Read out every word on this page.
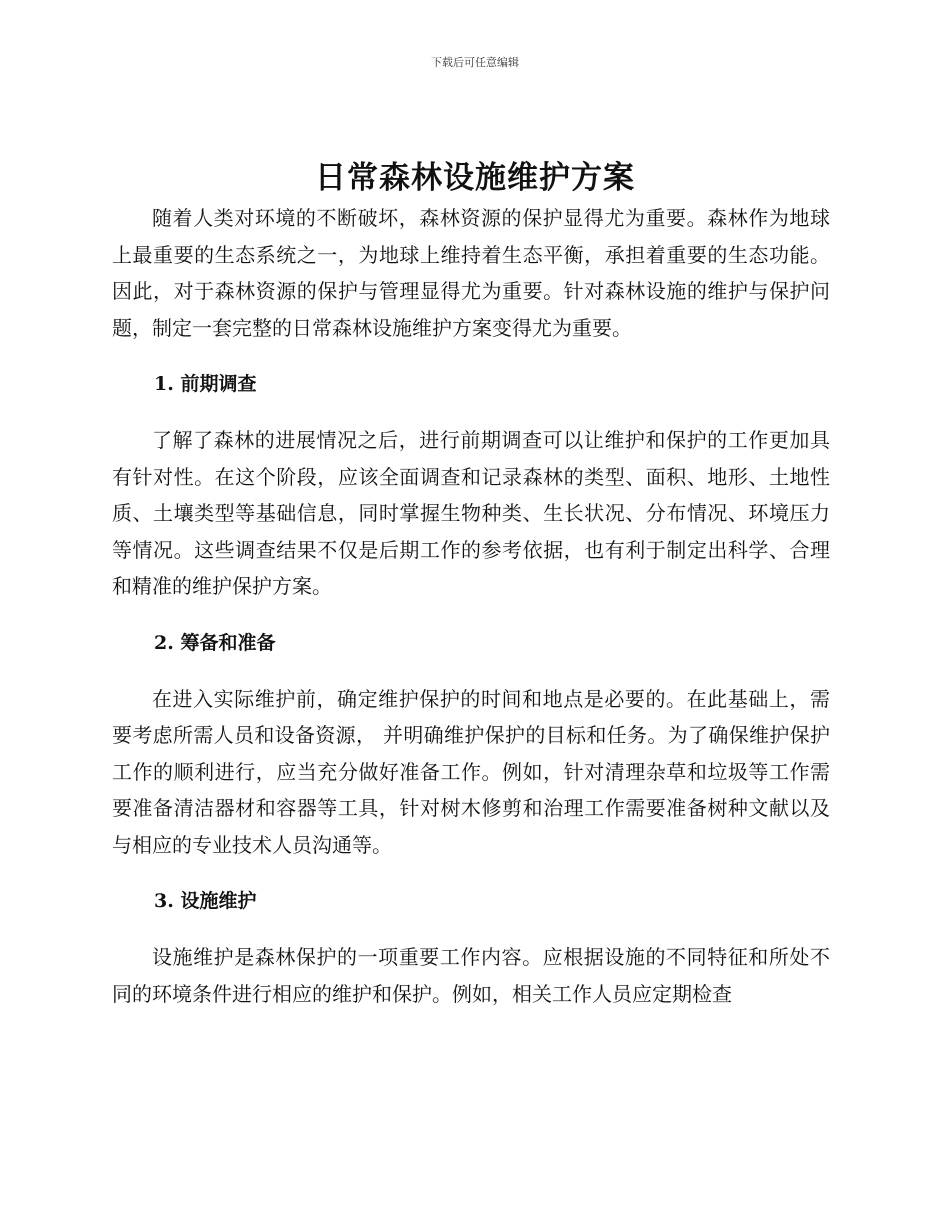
下载后可任意编辑
日常森林设施维护方案

随着人类对环境的不断破坏，森林资源的保护显得尤为重要。森林作为地球上最重要的生态系统之一，为地球上维持着生态平衡，承担着重要的生态功能。因此，对于森林资源的保护与管理显得尤为重要。针对森林设施的维护与保护问题，制定一套完整的日常森林设施维护方案变得尤为重要。

1. 前期调查

了解了森林的进展情况之后，进行前期调查可以让维护和保护的工作更加具有针对性。在这个阶段，应该全面调查和记录森林的类型、面积、地形、土地性质、土壤类型等基础信息，同时掌握生物种类、生长状况、分布情况、环境压力等情况。这些调查结果不仅是后期工作的参考依据，也有利于制定出科学、合理和精准的维护保护方案。

2. 筹备和准备

在进入实际维护前，确定维护保护的时间和地点是必要的。在此基础上，需要考虑所需人员和设备资源， 并明确维护保护的目标和任务。为了确保维护保护工作的顺利进行，应当充分做好准备工作。例如，针对清理杂草和垃圾等工作需要准备清洁器材和容器等工具，针对树木修剪和治理工作需要准备树种文献以及与相应的专业技术人员沟通等。

3. 设施维护

设施维护是森林保护的一项重要工作内容。应根据设施的不同特征和所处不同的环境条件进行相应的维护和保护。例如，相关工作人员应定期检查
